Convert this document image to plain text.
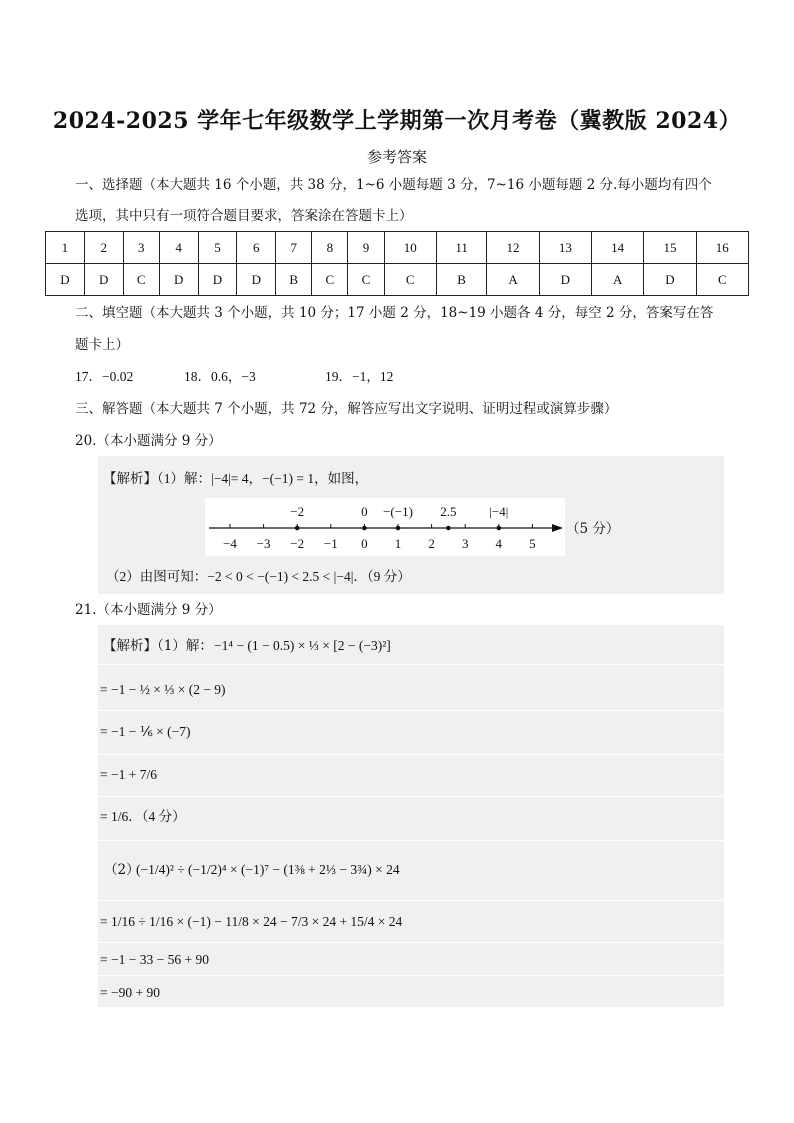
2024-2025 学年七年级数学上学期第一次月考卷（冀教版 2024）
参考答案
一、选择题（本大题共 16 个小题，共 38 分，1~6 小题每题 3 分，7~16 小题每题 2 分.每小题均有四个
选项，其中只有一项符合题目要求，答案涂在答题卡上）
1	2	3	4	5	6	7	8	9	10	11	12	13	14	15	16
D	D	C	D	D	D	B	C	C	C	B	A	D	A	D	C
二、填空题（本大题共 3 个小题，共 10 分；17 小题 2 分，18~19 小题各 4 分，每空 2 分，答案写在答
题卡上）
17．−0.02	18．0.6，−3	19．−1，12
三、解答题（本大题共 7 个小题，共 72 分，解答应写出文字说明、证明过程或演算步骤）
20.（本小题满分 9 分）
【解析】（1）解：|−4|= 4，−(−1) = 1，如图，
−4 −3 −2 −1 0 1 2 3 4 5
−2	0 −(−1) 2.5	|−4|
（5 分）
（2）由图可知：−2 < 0 < −(−1) < 2.5 < |−4|．（9 分）
21.（本小题满分 9 分）
【解析】（1）解： −1⁴ − (1 − 0.5) × ⅓ × [2 − (−3)²]
= −1 − ½ × ⅓ × (2 − 9)
= −1 − ⅙ × (−7)
= −1 + 7/6
= 1/6．（4 分）
（2）
(−1/4)² ÷ (−1/2)⁴ × (−1)⁷ − (1⅜ + 2⅓ − 3¾) × 24
= 1/16 ÷ 1/16 × (−1) − 11/8 × 24 − 7/3 × 24 + 15/4 × 24
= −1 − 33 − 56 + 90
= −90 + 90
